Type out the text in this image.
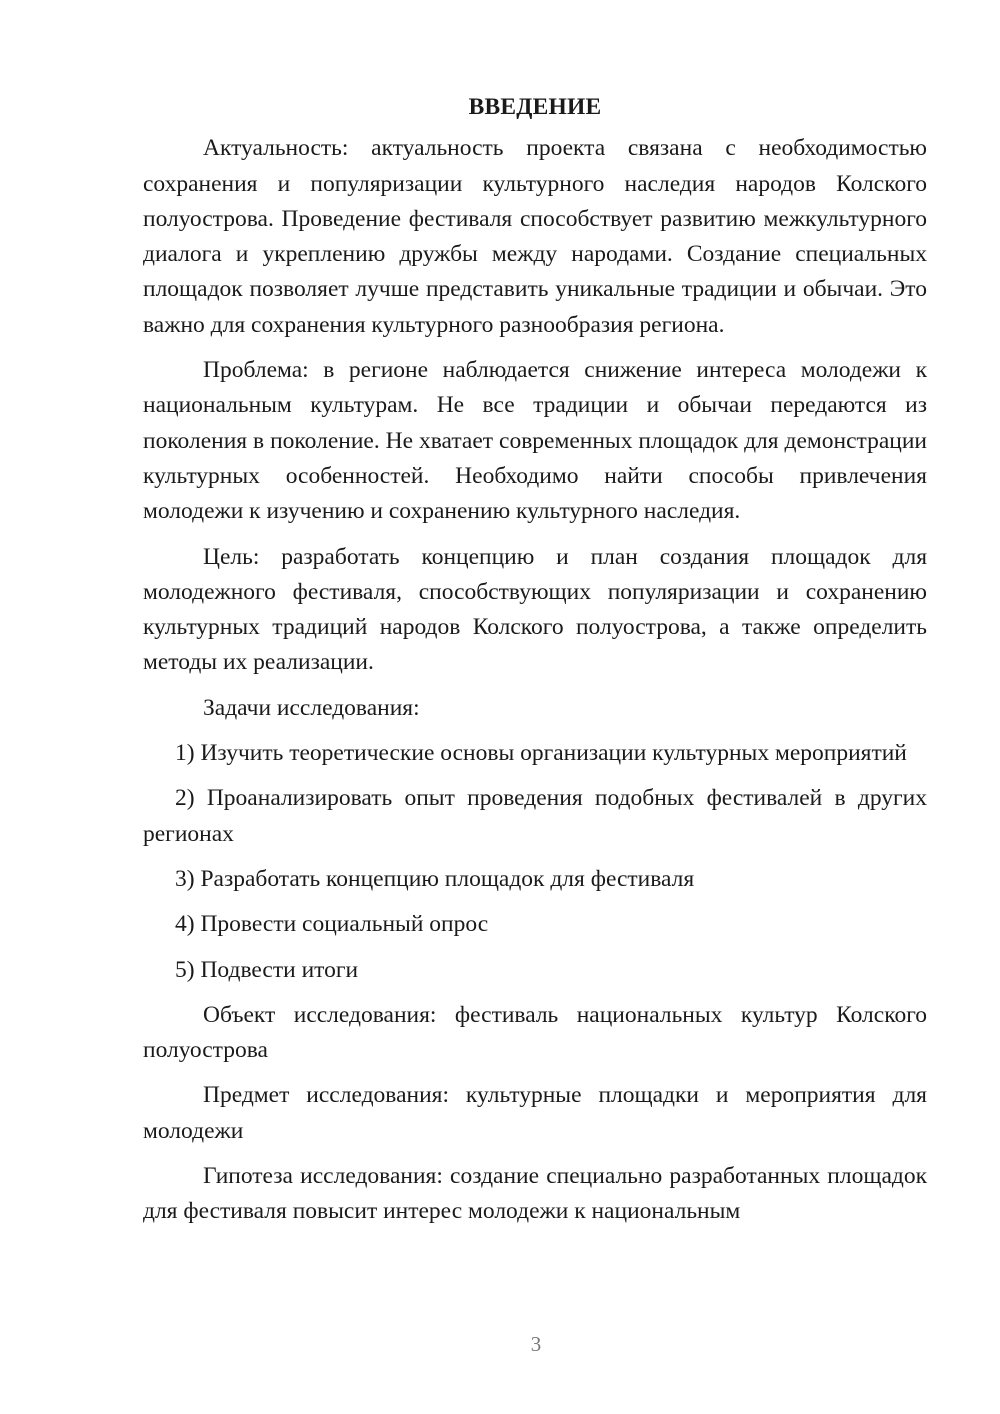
ВВЕДЕНИЕ

Актуальность: актуальность проекта связана с необходимостью сохранения и популяризации культурного наследия народов Колского полуострова. Проведение фестиваля способствует развитию межкультурного диалога и укреплению дружбы между народами. Создание специальных площадок позволяет лучше представить уникальные традиции и обычаи. Это важно для сохранения культурного разнообразия региона.

Проблема: в регионе наблюдается снижение интереса молодежи к национальным культурам. Не все традиции и обычаи передаются из поколения в поколение. Не хватает современных площадок для демонстрации культурных особенностей. Необходимо найти способы привлечения молодежи к изучению и сохранению культурного наследия.

Цель: разработать концепцию и план создания площадок для молодежного фестиваля, способствующих популяризации и сохранению культурных традиций народов Колского полуострова, а также определить методы их реализации.

Задачи исследования:

1) Изучить теоретические основы организации культурных мероприятий

2) Проанализировать опыт проведения подобных фестивалей в других регионах

3) Разработать концепцию площадок для фестиваля

4) Провести социальный опрос

5) Подвести итоги

Объект исследования: фестиваль национальных культур Колского полуострова

Предмет исследования: культурные площадки и мероприятия для молодежи

Гипотеза исследования: создание специально разработанных площадок для фестиваля повысит интерес молодежи к национальным

3
